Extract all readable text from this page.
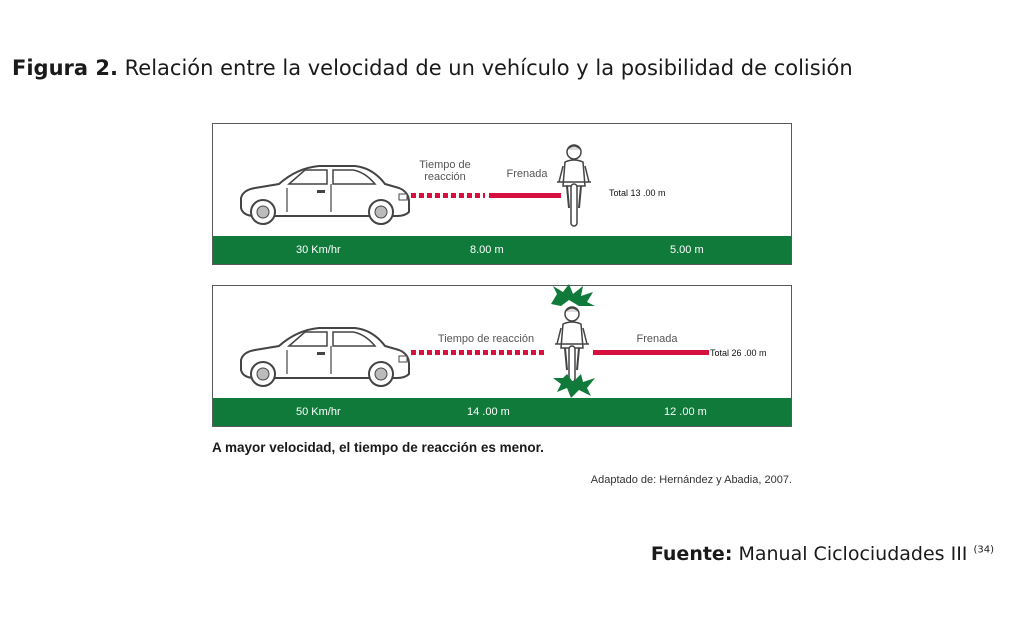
Figura 2. Relación entre la velocidad de un vehículo y la posibilidad de colisión
Tiempo de
reacción	Frenada
Total 13 .00 m
30 Km/hr	8.00 m	5.00 m
Tiempo de reacción	Frenada
Total 26 .00 m
50 Km/hr	14 .00 m	12 .00 m
A mayor velocidad, el tiempo de reacción es menor.
Adaptado de: Hernández y Abadia, 2007.
Fuente: Manual Ciclociudades III $^{(34)}$
